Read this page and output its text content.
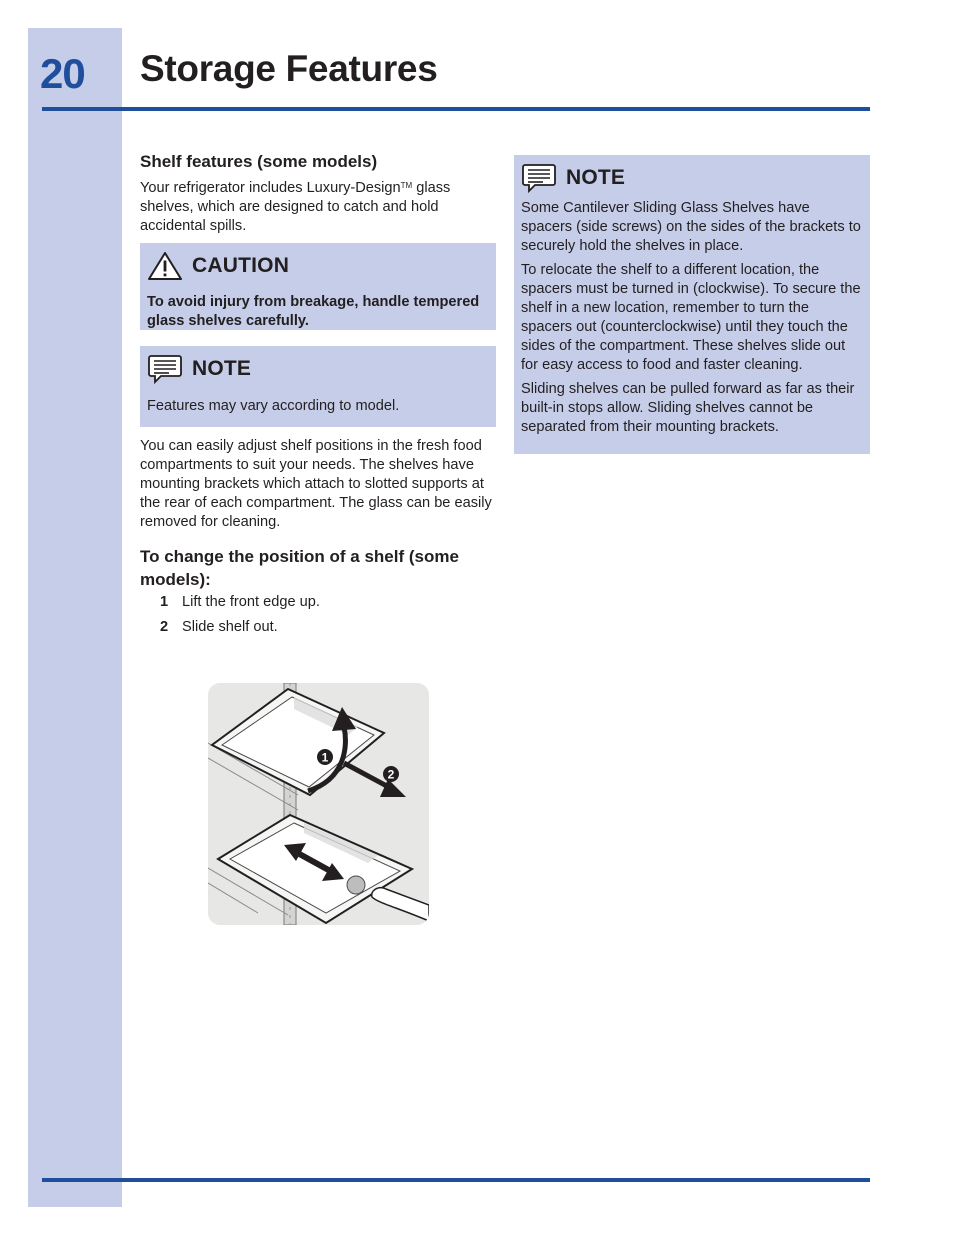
20	Storage Features
Shelf features (some models)

Your refrigerator includes Luxury-Design™ glass shelves, which are designed to catch and hold accidental spills.

CAUTION

To avoid injury from breakage, handle tempered glass shelves carefully.

NOTE

Features may vary according to model.

You can easily adjust shelf positions in the fresh food compartments to suit your needs. The shelves have mounting brackets which attach to slotted supports at the rear of each compartment. The glass can be easily removed for cleaning.

To change the position of a shelf (some models):
1 Lift the front edge up.
2 Slide shelf out.
1
2
NOTE

Some Cantilever Sliding Glass Shelves have spacers (side screws) on the sides of the brackets to securely hold the shelves in place.

To relocate the shelf to a different location, the spacers must be turned in (clockwise). To secure the shelf in a new location, remember to turn the spacers out (counterclockwise) until they touch the sides of the compartment. These shelves slide out for easy access to food and faster cleaning.

Sliding shelves can be pulled forward as far as their built-in stops allow. Sliding shelves cannot be separated from their mounting brackets.
